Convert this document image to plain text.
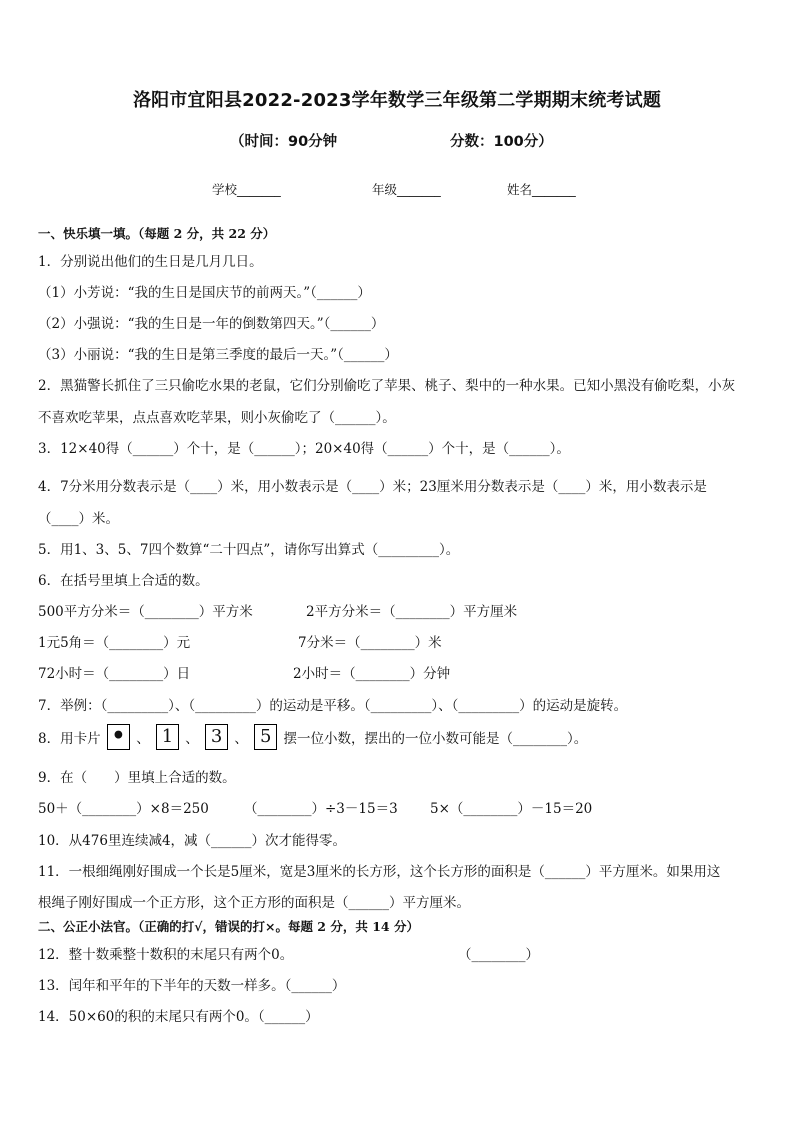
洛阳市宜阳县2022-2023学年数学三年级第二学期期末统考试题
（时间：90分钟	分数：100分）
学校_______	年级_______	姓名_______
一、快乐填一填。（每题 2 分，共 22 分）
1．分别说出他们的生日是几月几日。
（1）小芳说：“我的生日是国庆节的前两天。”（______）
（2）小强说：“我的生日是一年的倒数第四天。”（______）
（3）小丽说：“我的生日是第三季度的最后一天。”（______）
2．黑猫警长抓住了三只偷吃水果的老鼠，它们分别偷吃了苹果、桃子、梨中的一种水果。已知小黑没有偷吃梨，小灰
不喜欢吃苹果，点点喜欢吃苹果，则小灰偷吃了（______）。
3．12×40得（______）个十，是（______）；20×40得（______）个十，是（______）。
4．7分米用分数表示是（____）米，用小数表示是（____）米；23厘米用分数表示是（____）米，用小数表示是
（____）米。
5．用1、3、5、7四个数算“二十四点”，请你写出算式（_________）。
6．在括号里填上合适的数。
500平方分米＝（________）平方米	2平方分米＝（________）平方厘米
1元5角＝（________）元	7分米＝（________）米
72小时＝（________）日	2小时＝（________）分钟
7．举例：（_________）、（_________）的运动是平移。（_________）、（_________）的运动是旋转。
8．用卡片 • 、 1 、 3 、 5 摆一位小数，摆出的一位小数可能是（________）。
9．在（　　）里填上合适的数。
50＋（________）×8＝250	（________）÷3－15＝3 5×（________）－15＝20
10．从476里连续减4，减（______）次才能得零。
11．一根细绳刚好围成一个长是5厘米，宽是3厘米的长方形，这个长方形的面积是（______）平方厘米。如果用这
根绳子刚好围成一个正方形，这个正方形的面积是（______）平方厘米。
二、公正小法官。（正确的打√，错误的打×。每题 2 分，共 14 分）
12．整十数乘整十数积的末尾只有两个0。	（________）
13．闰年和平年的下半年的天数一样多。（______）
14．50×60的积的末尾只有两个0。（______）
